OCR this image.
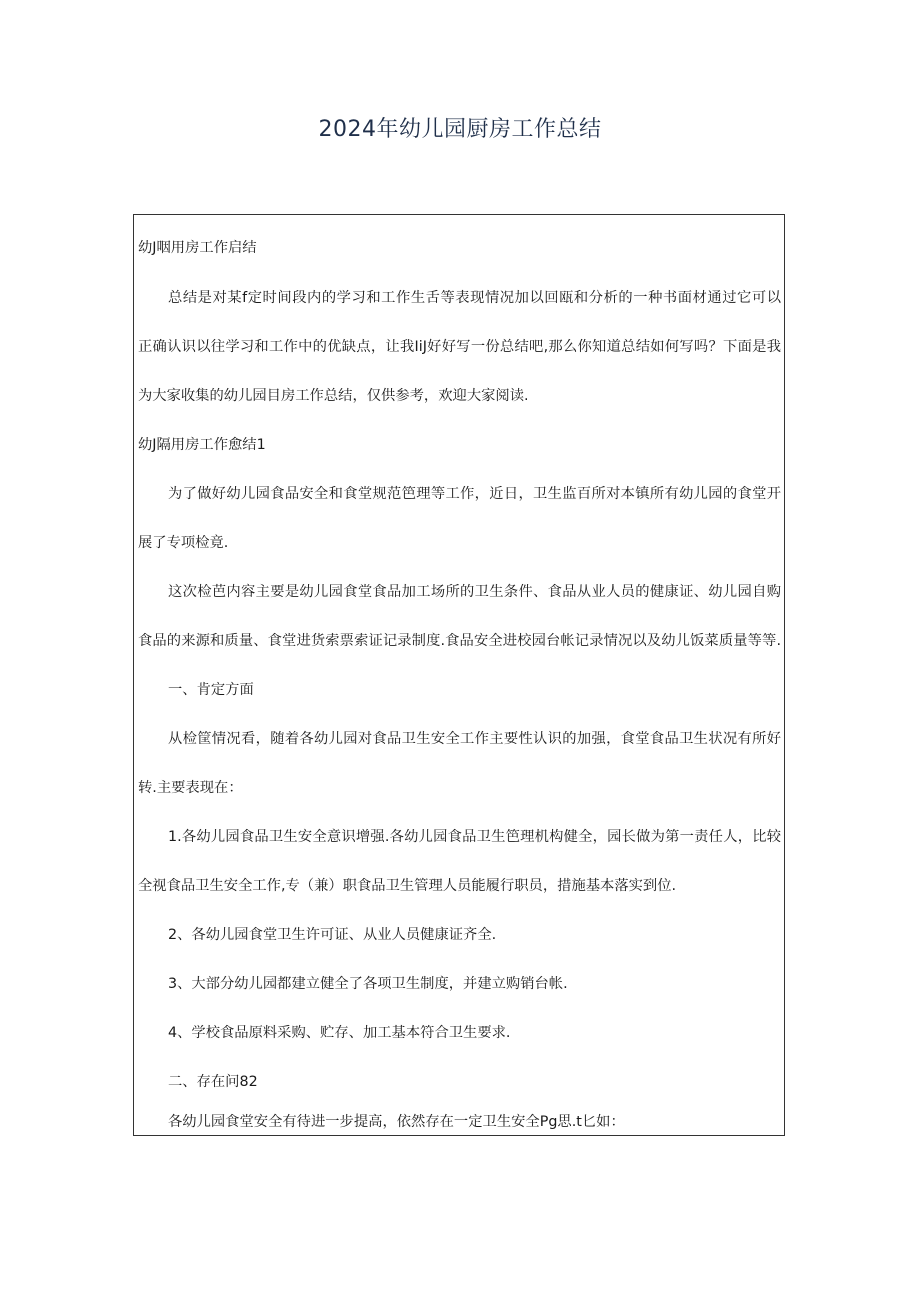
2024年幼儿园厨房工作总结
幼J咽用房工作启结
总结是对某f定时间段内的学习和工作生舌等表现情况加以回瓯和分析的一种书面材通过它可以
正确认识以往学习和工作中的优缺点，让我IiJ好好写一份总结吧,那么你知道总结如何写吗？下面是我
为大家收集的幼儿园目房工作总结，仅供参考，欢迎大家阅读.
幼J隔用房工作愈结1
为了做好幼儿园食品安全和食堂规范笆理等工作，近日，卫生监百所对本镇所有幼儿园的食堂开
展了专项检竟.
这次检芭内容主要是幼儿园食堂食品加工场所的卫生条件、食品从业人员的健康证、幼儿园自购
食品的来源和质量、食堂进货索票索证记录制度.食品安全进校园台帐记录情况以及幼儿饭菜质量等等.
一、肯定方面
从检筐情况看，随着各幼儿园对食品卫生安全工作主要性认识的加强，食堂食品卫生状况有所好
转.主要表现在：
1.各幼儿园食品卫生安全意识增强.各幼儿园食品卫生笆理机构健全，园长做为第一责任人，比较
全视食品卫生安全工作,专（兼）职食品卫生管理人员能履行职员，措施基本落实到位.
2、各幼儿园食堂卫生许可证、从业人员健康证齐全.
3、大部分幼儿园都建立健全了各项卫生制度，并建立购销台帐.
4、学校食品原料采购、贮存、加工基本符合卫生要求.
二、存在问82
各幼儿园食堂安全有待进一步提高，依然存在一定卫生安全Pg思.t匕如：
